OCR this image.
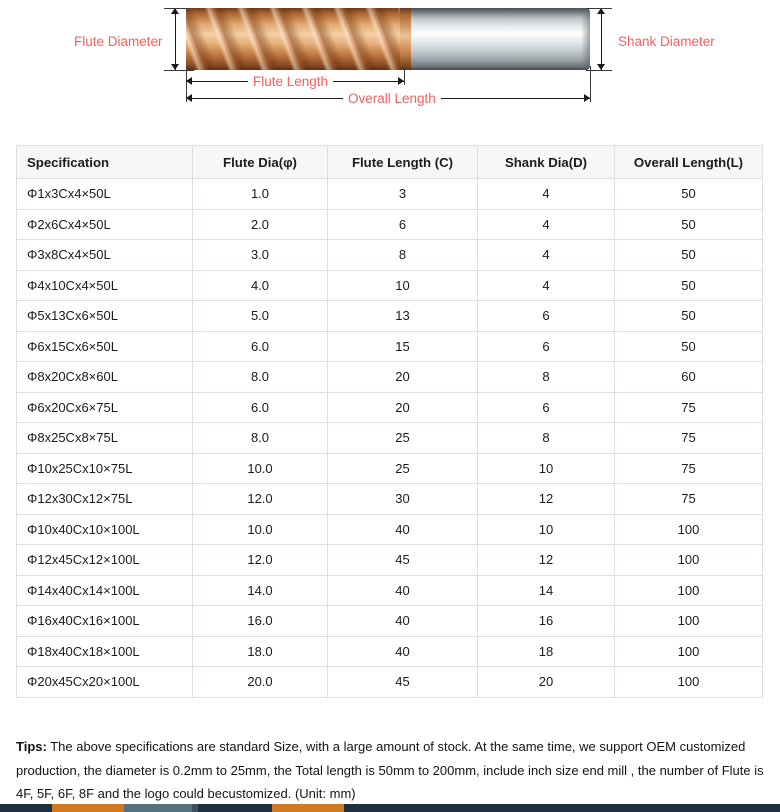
Flute Diameter	Shank Diameter
Flute Length
Overall Length
Specification	Flute Dia(φ)	Flute Length (C)	Shank Dia(D)	Overall Length(L)
Φ1x3Cx4×50L	1.0	3	4	50
Φ2x6Cx4×50L	2.0	6	4	50
Φ3x8Cx4×50L	3.0	8	4	50
Φ4x10Cx4×50L	4.0	10	4	50
Φ5x13Cx6×50L	5.0	13	6	50
Φ6x15Cx6×50L	6.0	15	6	50
Φ8x20Cx8×60L	8.0	20	8	60
Φ6x20Cx6×75L	6.0	20	6	75
Φ8x25Cx8×75L	8.0	25	8	75
Φ10x25Cx10×75L	10.0	25	10	75
Φ12x30Cx12×75L	12.0	30	12	75
Φ10x40Cx10×100L	10.0	40	10	100
Φ12x45Cx12×100L	12.0	45	12	100
Φ14x40Cx14×100L	14.0	40	14	100
Φ16x40Cx16×100L	16.0	40	16	100
Φ18x40Cx18×100L	18.0	40	18	100
Φ20x45Cx20×100L	20.0	45	20	100
Tips: The above specifications are standard Size, with a large amount of stock. At the same time, we support OEM customized production, the diameter is 0.2mm to 25mm, the Total length is 50mm to 200mm, include inch size end mill , the number of Flute is 4F, 5F, 6F, 8F and the logo could becustomized. (Unit: mm)
